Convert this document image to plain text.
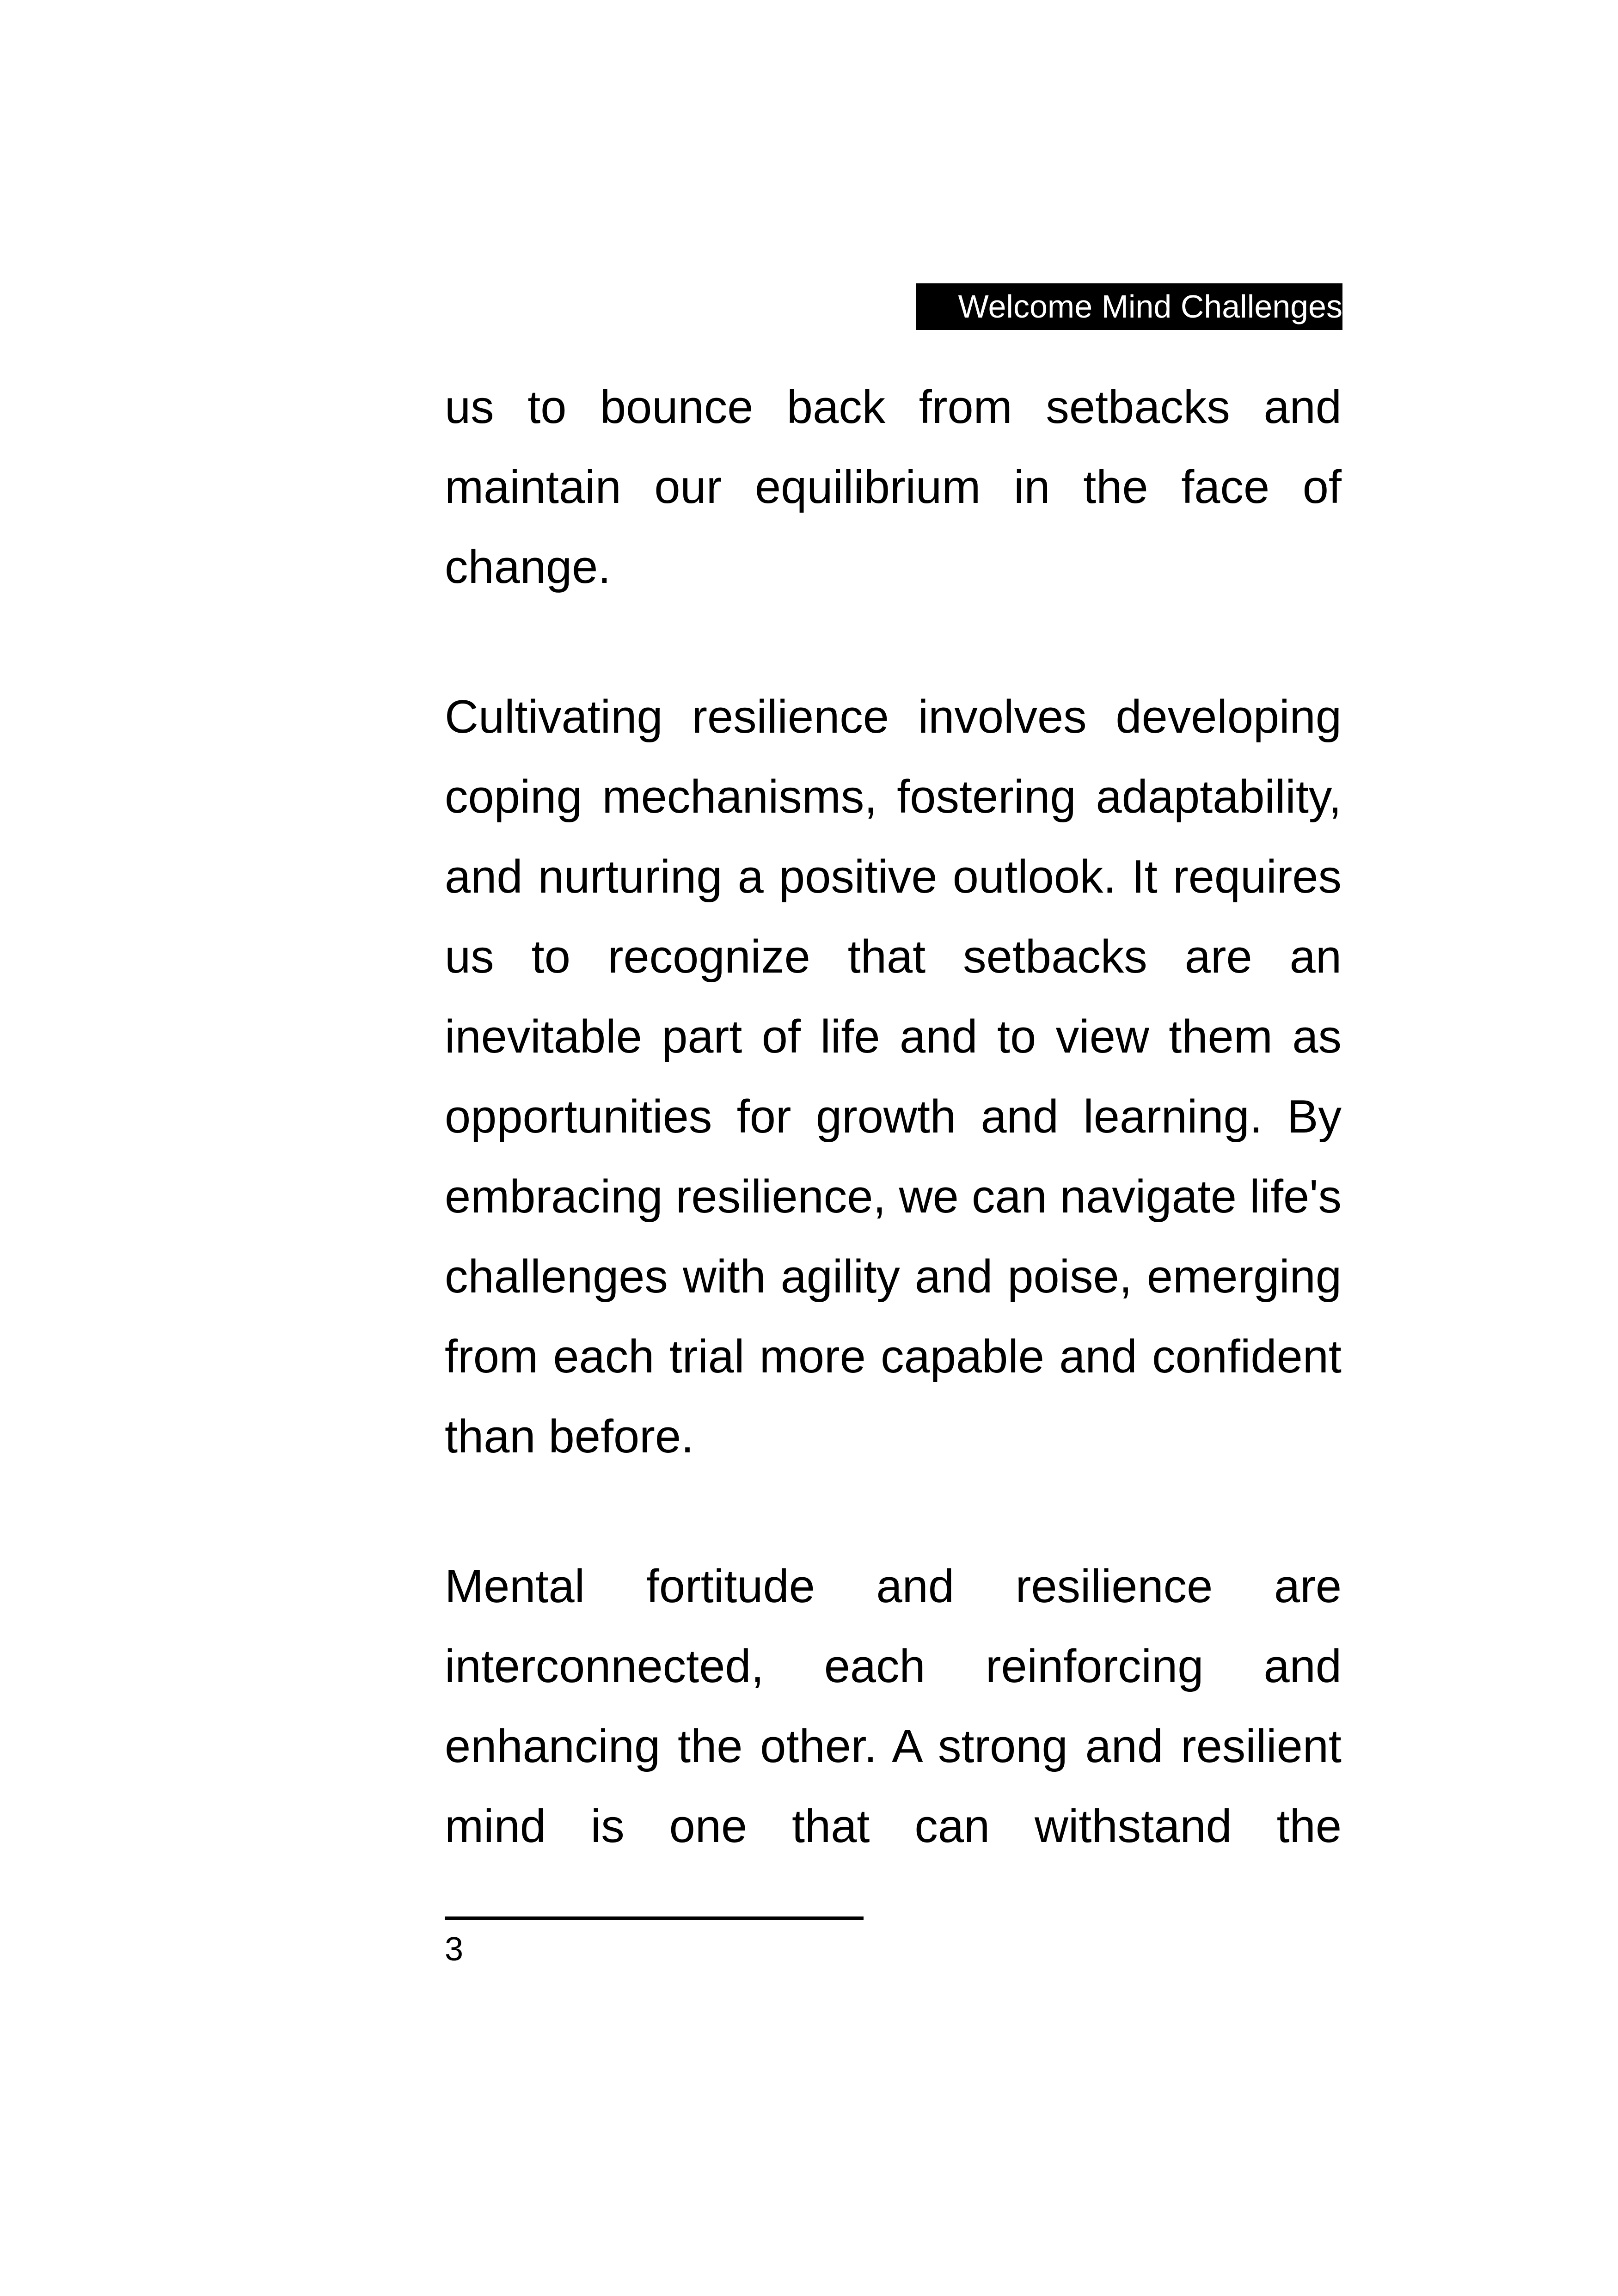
Welcome Mind Challenges

us to bounce back from setbacks and maintain our equilibrium in the face of change.

Cultivating resilience involves developing coping mechanisms, fostering adaptability, and nurturing a positive outlook. It requires us to recognize that setbacks are an inevitable part of life and to view them as opportunities for growth and learning. By embracing resilience, we can navigate life's challenges with agility and poise, emerging from each trial more capable and confident than before.

Mental fortitude and resilience are interconnected, each reinforcing and enhancing the other. A strong and resilient mind is one that can withstand the

3
